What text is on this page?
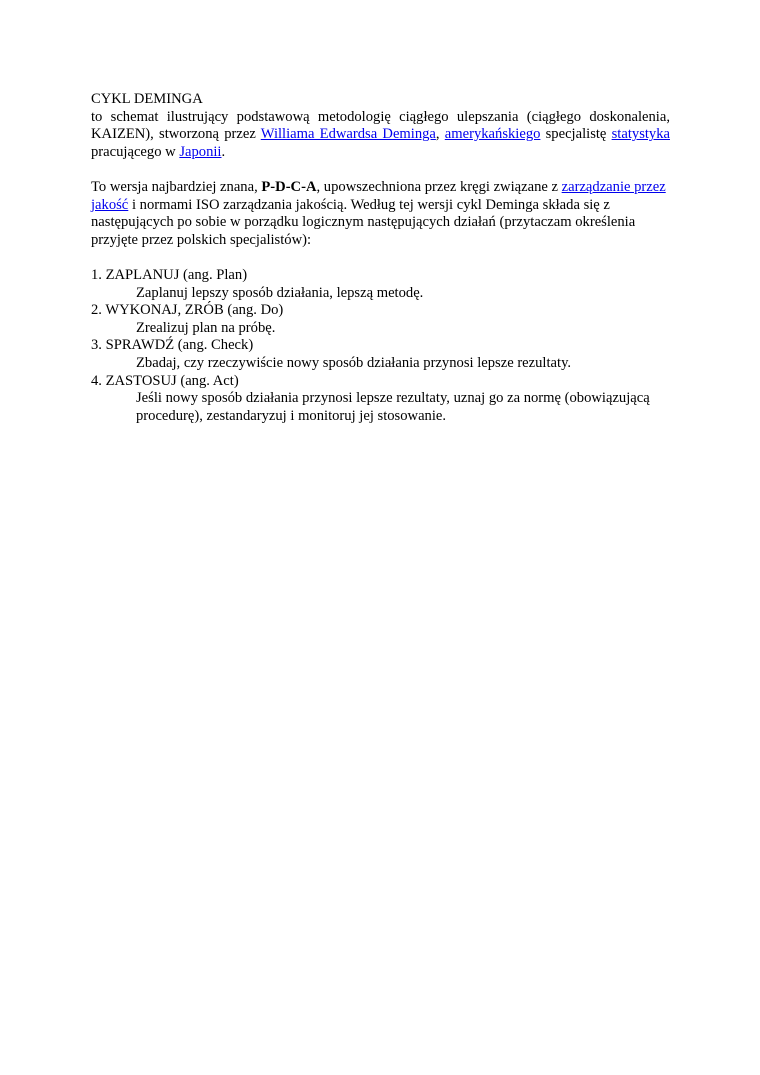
CYKL DEMINGA

to schemat ilustrujący podstawową metodologię ciągłego ulepszania (ciągłego doskonalenia, KAIZEN), stworzoną przez Williama Edwardsa Deminga, amerykańskiego specjalistę statystyka pracującego w Japonii.

To wersja najbardziej znana, P-D-C-A, upowszechniona przez kręgi związane z zarządzanie przez jakość i normami ISO zarządzania jakością. Według tej wersji cykl Deminga składa się z następujących po sobie w porządku logicznym następujących działań (przytaczam określenia przyjęte przez polskich specjalistów):

1. ZAPLANUJ (ang. Plan)

Zaplanuj lepszy sposób działania, lepszą metodę.

2. WYKONAJ, ZRÓB (ang. Do)

Zrealizuj plan na próbę.

3. SPRAWDŹ (ang. Check)

Zbadaj, czy rzeczywiście nowy sposób działania przynosi lepsze rezultaty.

4. ZASTOSUJ (ang. Act)

Jeśli nowy sposób działania przynosi lepsze rezultaty, uznaj go za normę (obowiązującą procedurę), zestandaryzuj i monitoruj jej stosowanie.
